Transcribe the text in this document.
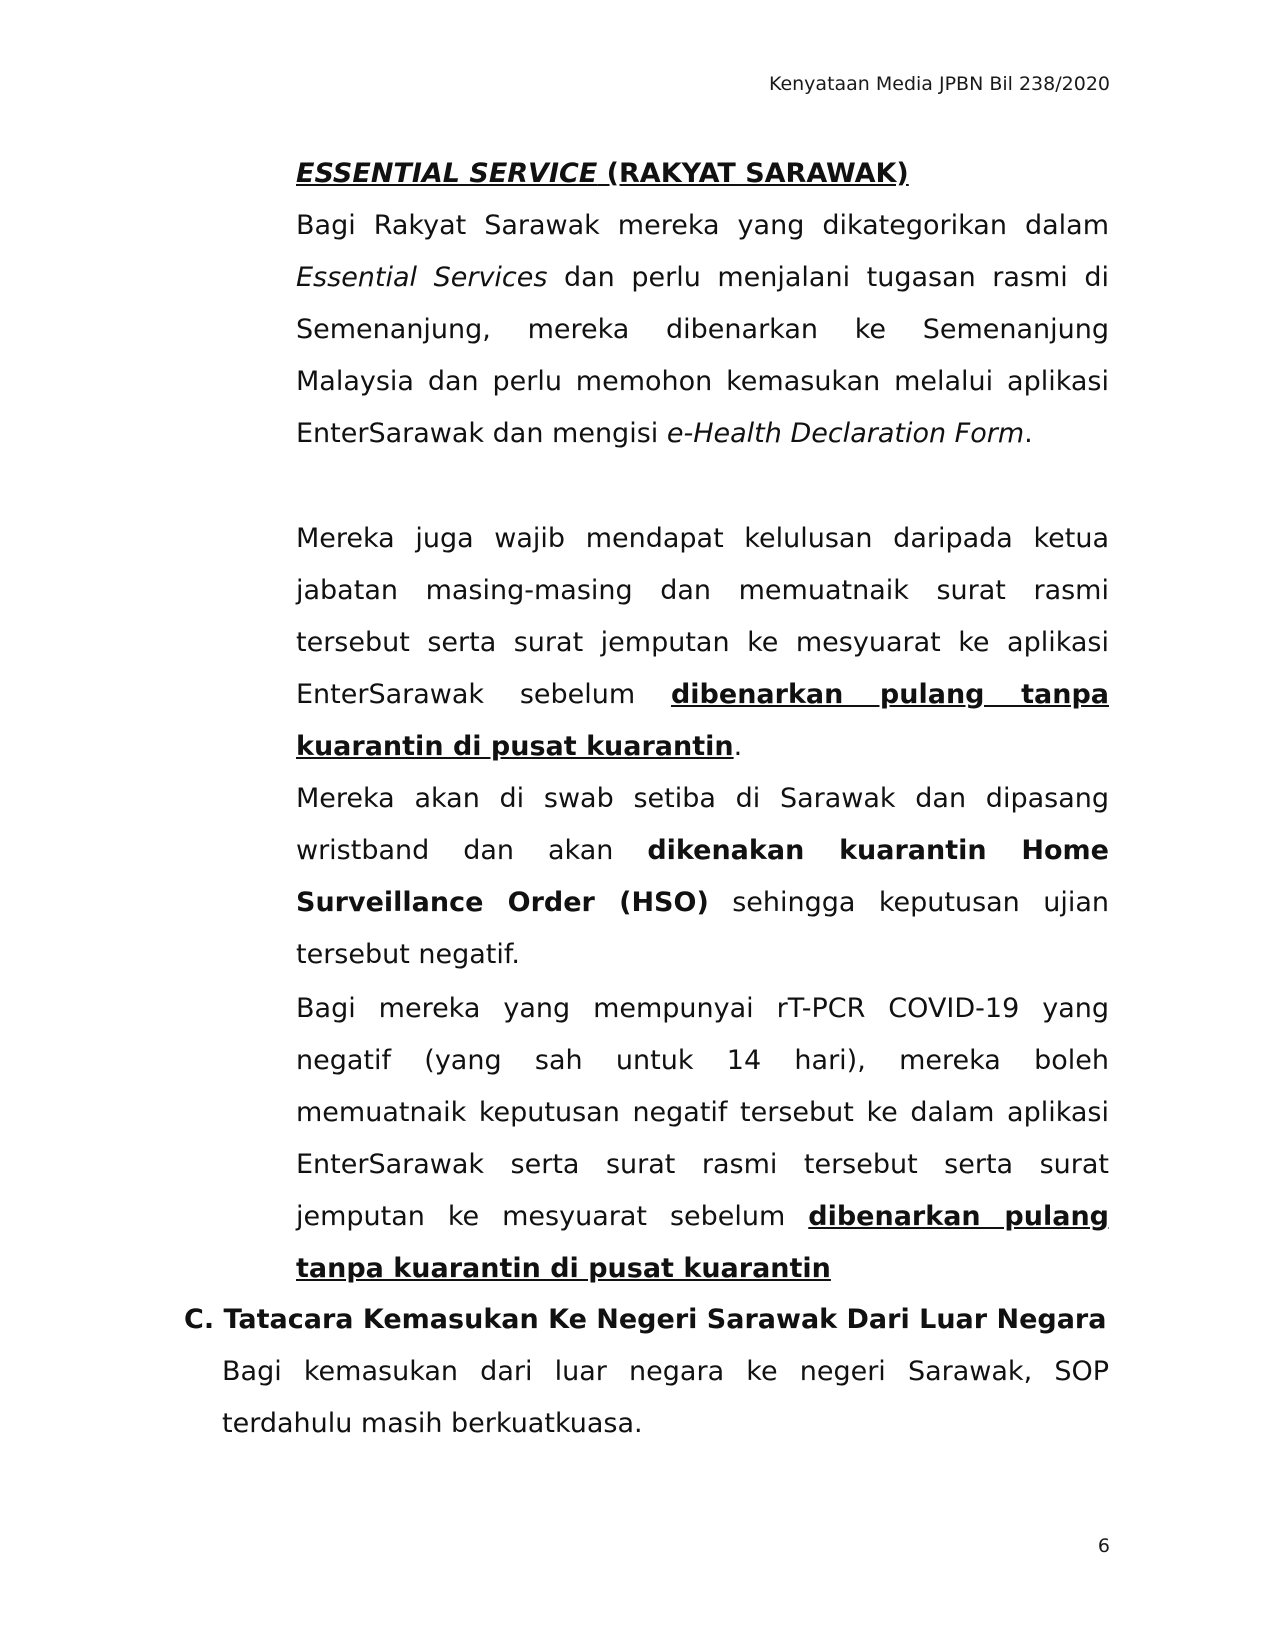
Kenyataan Media JPBN Bil 238/2020
ESSENTIAL SERVICE (RAKYAT SARAWAK)

Bagi Rakyat Sarawak mereka yang dikategorikan dalam Essential Services dan perlu menjalani tugasan rasmi di Semenanjung, mereka dibenarkan ke Semenanjung Malaysia dan perlu memohon kemasukan melalui aplikasi EnterSarawak dan mengisi e-Health Declaration Form.

Mereka juga wajib mendapat kelulusan daripada ketua jabatan masing-masing dan memuatnaik surat rasmi tersebut serta surat jemputan ke mesyuarat ke aplikasi EnterSarawak sebelum dibenarkan pulang tanpa kuarantin di pusat kuarantin.

Mereka akan di swab setiba di Sarawak dan dipasang wristband dan akan dikenakan kuarantin Home Surveillance Order (HSO) sehingga keputusan ujian tersebut negatif.

Bagi mereka yang mempunyai rT-PCR COVID-19 yang negatif (yang sah untuk 14 hari), mereka boleh memuatnaik keputusan negatif tersebut ke dalam aplikasi EnterSarawak serta surat rasmi tersebut serta surat jemputan ke mesyuarat sebelum dibenarkan pulang tanpa kuarantin di pusat kuarantin

C. Tatacara Kemasukan Ke Negeri Sarawak Dari Luar Negara

Bagi kemasukan dari luar negara ke negeri Sarawak, SOP terdahulu masih berkuatkuasa.

6
